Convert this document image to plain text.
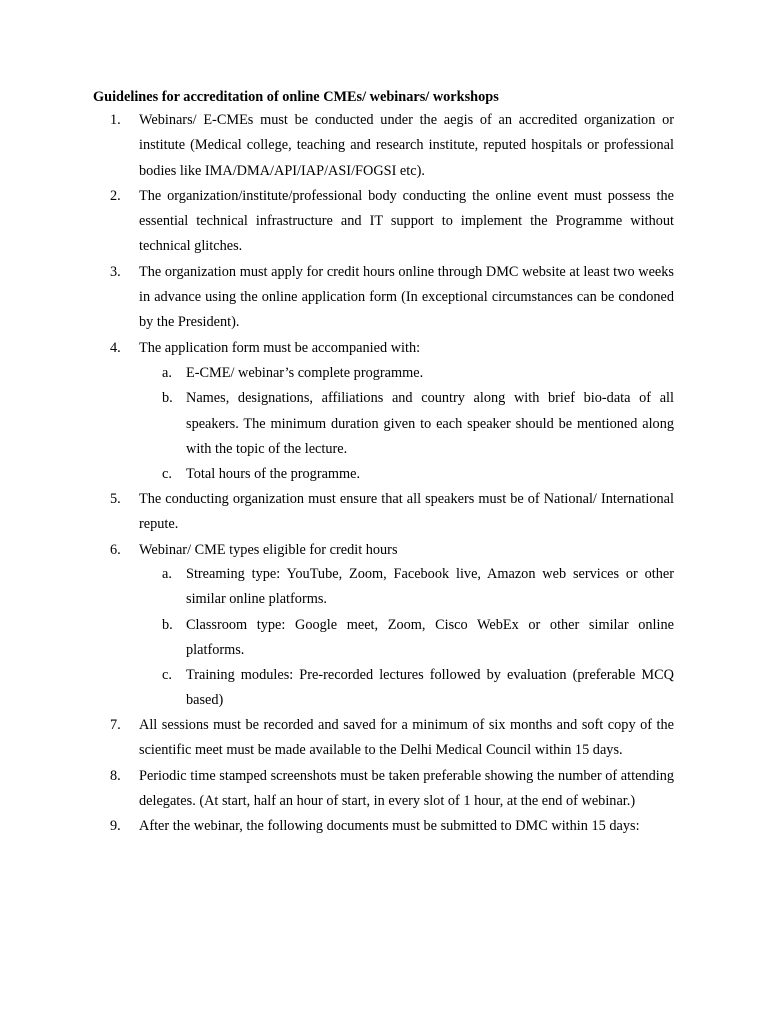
Guidelines for accreditation of online CMEs/ webinars/ workshops
1. Webinars/ E-CMEs must be conducted under the aegis of an accredited organization or institute (Medical college, teaching and research institute, reputed hospitals or professional bodies like IMA/DMA/API/IAP/ASI/FOGSI etc).
2. The organization/institute/professional body conducting the online event must possess the essential technical infrastructure and IT support to implement the Programme without technical glitches.
3. The organization must apply for credit hours online through DMC website at least two weeks in advance using the online application form (In exceptional circumstances can be condoned by the President).
4. The application form must be accompanied with:
a. E-CME/ webinar’s complete programme.
b. Names, designations, affiliations and country along with brief bio-data of all speakers. The minimum duration given to each speaker should be mentioned along with the topic of the lecture.
c. Total hours of the programme.
5. The conducting organization must ensure that all speakers must be of National/ International repute.
6. Webinar/ CME types eligible for credit hours
a. Streaming type: YouTube, Zoom, Facebook live, Amazon web services or other similar online platforms.
b. Classroom type: Google meet, Zoom, Cisco WebEx or other similar online platforms.
c. Training modules: Pre-recorded lectures followed by evaluation (preferable MCQ based)
7. All sessions must be recorded and saved for a minimum of six months and soft copy of the scientific meet must be made available to the Delhi Medical Council within 15 days.
8. Periodic time stamped screenshots must be taken preferable showing the number of attending delegates. (At start, half an hour of start, in every slot of 1 hour, at the end of webinar.)
9. After the webinar, the following documents must be submitted to DMC within 15 days:
